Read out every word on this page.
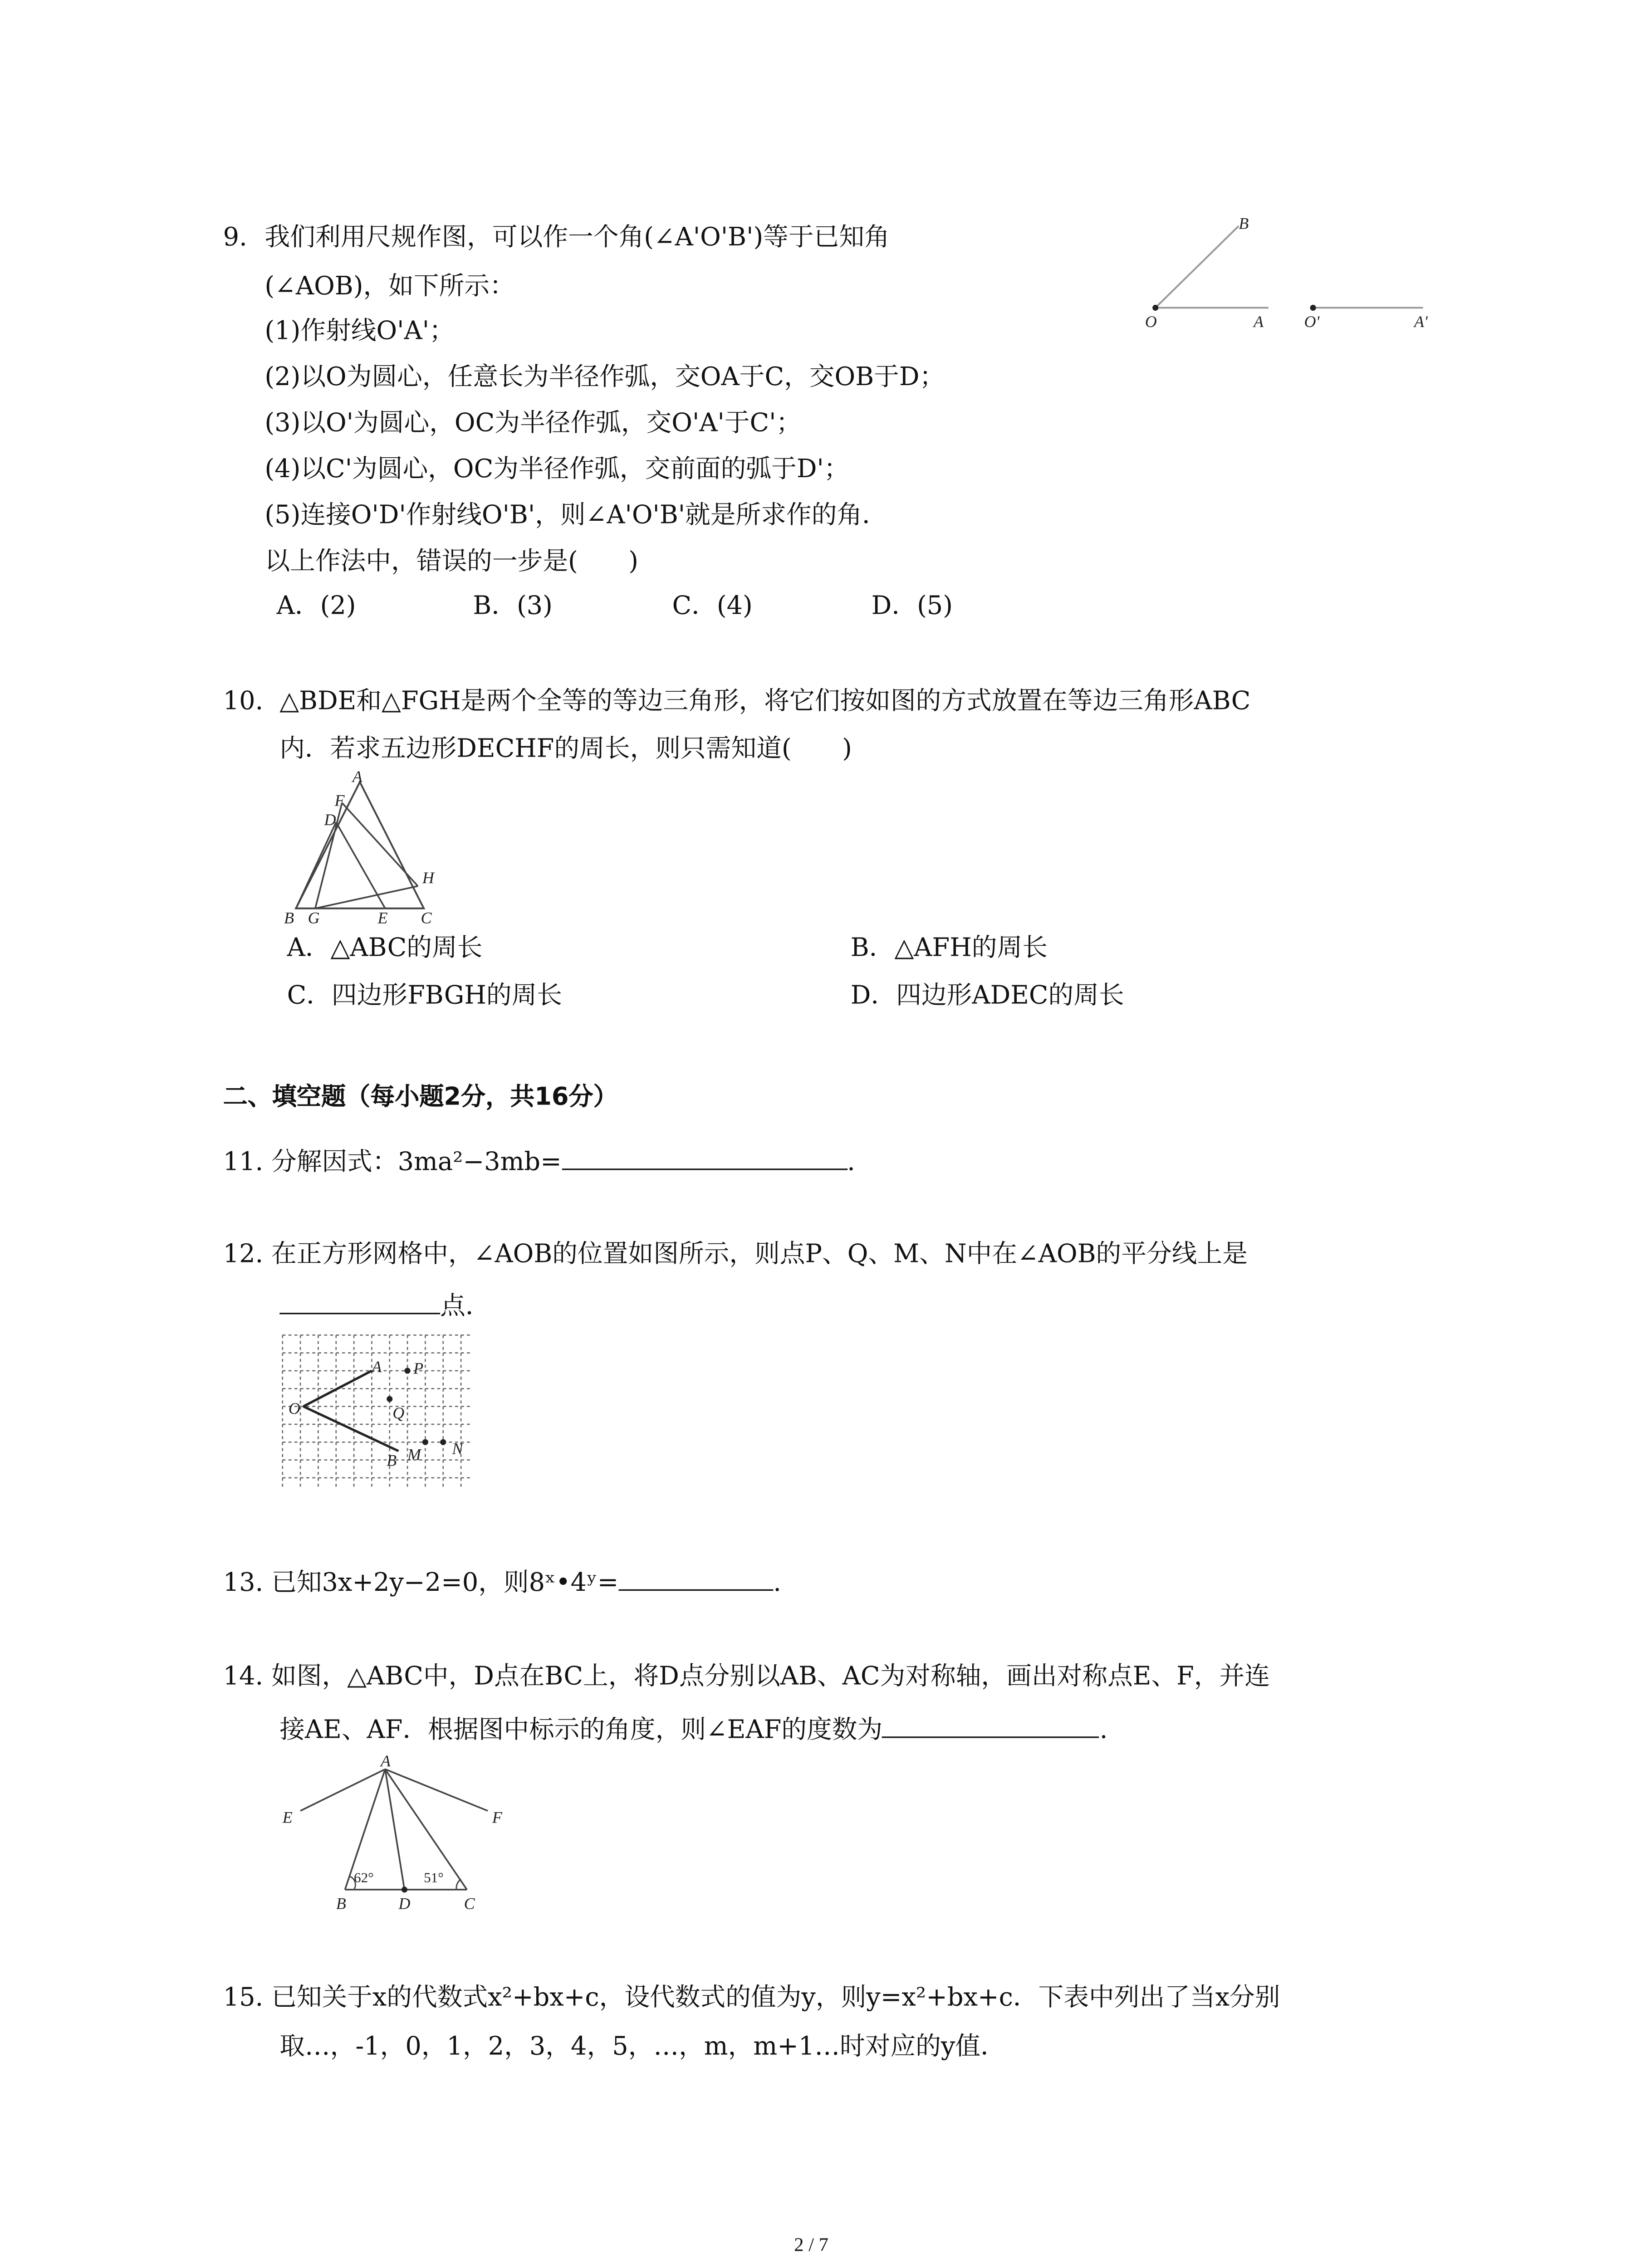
9. 我们利用尺规作图，可以作一个角(∠A'O'B')等于已知角
(∠AOB)，如下所示：
(1)作射线O'A'；
(2)以O为圆心，任意长为半径作弧，交OA于C，交OB于D；
(3)以O'为圆心，OC为半径作弧，交O'A'于C'；
(4)以C'为圆心，OC为半径作弧，交前面的弧于D'；
(5)连接O'D'作射线O'B'，则∠A'O'B'就是所求作的角．
以上作法中，错误的一步是(　　)
A．(2)	B．(3)	C．(4)	D．(5)
B
O	A	O'	A'
10. △BDE和△FGH是两个全等的等边三角形，将它们按如图的方式放置在等边三角形ABC
内．若求五边形DECHF的周长，则只需知道(　　)
A
F
D
H
B	G	E	C
A．△ABC的周长	B．△AFH的周长
C．四边形FBGH的周长	D．四边形ADEC的周长
二、填空题（每小题2分，共16分）
11. 分解因式：3ma²−3mb=	.
12. 在正方形网格中，∠AOB的位置如图所示，则点P、Q、M、N中在∠AOB的平分线上是
点．
A	P
O	Q
B M	N
13. 已知3x+2y−2=0，则8ˣ•4ʸ=	.
14. 如图，△ABC中，D点在BC上，将D点分别以AB、AC为对称轴，画出对称点E、F，并连
接AE、AF．根据图中标示的角度，则∠EAF的度数为	.
A
E	F
62°	51°
B	D	C
15. 已知关于x的代数式x²+bx+c，设代数式的值为y，则y=x²+bx+c．下表中列出了当x分别
取…，-1，0，1，2，3，4，5，…，m，m+1…时对应的y值．
2 / 7
